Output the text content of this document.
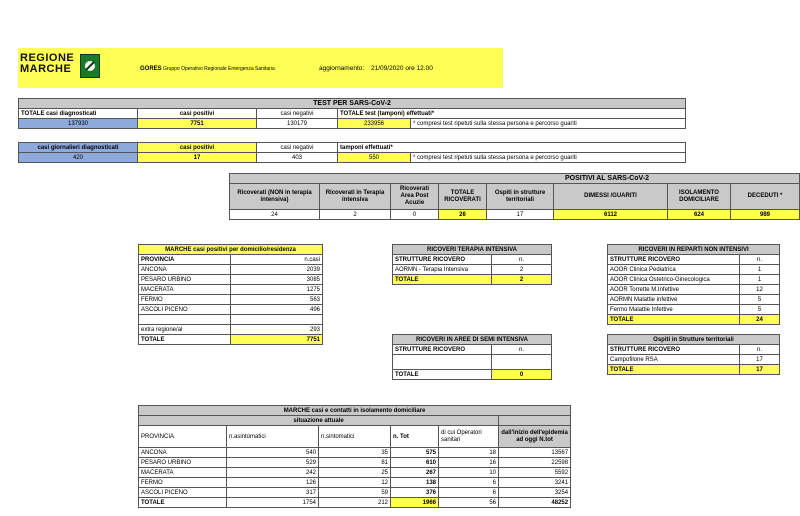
REGIONE
MARCHE	GORES Gruppo Operativo Regionale Emergenza Sanitaria	aggiornamento: 21/09/2020 ore 12.00
TEST PER SARS-CoV-2				
TOTALE casi diagnosticati	casi positivi	casi negativi	TOTALE test (tamponi) effettuati*	
137930	7751	130179	233956	* compresi test ripetuti sulla stessa persona e percorso guariti
casi giornalieri diagnosticati	casi positivi	casi negativi	tamponi effettuati*	
420	17	403	550	* compresi test ripetuti sulla stessa persona e percorso guariti
POSITIVI AL SARS-CoV-2							
Ricoverati (NON in terapia intensiva)	Ricoverati in Terapia intensiva	Ricoverati Area Post Acuzie	TOTALE RICOVERATI	Ospiti in strutture territoriali	DIMESSI /GUARITI	ISOLAMENTO DOMICILIARE	DECEDUTI *
24	2	0	26	17	6112	624	989
MARCHE casi positivi per domicilio/residenza	
PROVINCIA	n.casi
ANCONA	2039
PESARO URBINO	3085
MACERATA	1275
FERMO	563
ASCOLI PICENO	496

extra regione/al	293
TOTALE	7751
RICOVERI TERAPIA INTENSIVA	
STRUTTURE RICOVERO	n.
AORMN - Terapia Intensiva	2
TOTALE	2
RICOVERI IN AREE DI SEMI INTENSIVA	
STRUTTURE RICOVERO	n.

TOTALE	0
RICOVERI IN REPARTI NON INTENSIVI	
STRUTTURE RICOVERO	n.
AOOR Clinica Pediatrica	1
AOOR Clinica Ostetrico-Ginecologica	1
AOOR Torrette M.Infettive	12
AORMN Malattie infettive	5
Fermo Malattie Infettive	5
TOTALE	24
Ospiti in Strutture territoriali	
STRUTTURE RICOVERO	n.
Campofilone RSA	17
TOTALE	17
MARCHE casi e contatti in isolamento domiciliare					
situazione attuale					
PROVINCIA	n.asintomatici	n.sintomatici	n. Tot	di cui Operatori sanitari	dall'inizio dell'epidemia ad oggi N.tot
ANCONA	540	35	575	18	13567
PESARO URBINO	529	81	610	16	22598
MACERATA	242	25	267	10	5592
FERMO	126	12	138	6	3241
ASCOLI PICENO	317	59	376	6	3254
TOTALE	1754	212	1966	56	48252
